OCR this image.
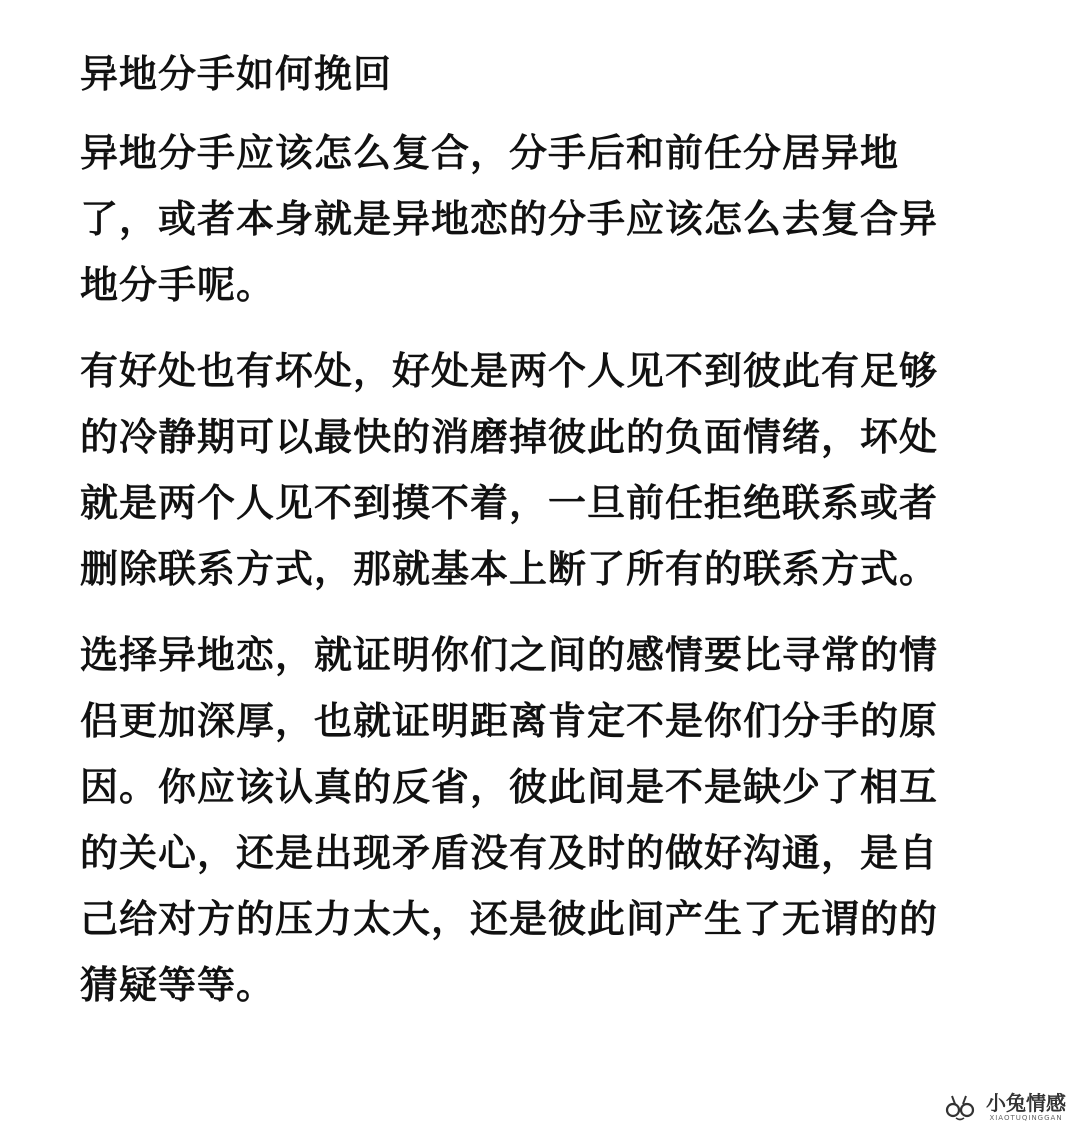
异地分手如何挽回
异地分手应该怎么复合，分手后和前任分居异地
了，或者本身就是异地恋的分手应该怎么去复合异
地分手呢。
有好处也有坏处，好处是两个人见不到彼此有足够
的冷静期可以最快的消磨掉彼此的负面情绪，坏处
就是两个人见不到摸不着，一旦前任拒绝联系或者
删除联系方式，那就基本上断了所有的联系方式。
选择异地恋，就证明你们之间的感情要比寻常的情
侣更加深厚，也就证明距离肯定不是你们分手的原
因。你应该认真的反省，彼此间是不是缺少了相互
的关心，还是出现矛盾没有及时的做好沟通，是自
己给对方的压力太大，还是彼此间产生了无谓的的
猜疑等等。
小兔情感
XIAOTUQINGGAN
